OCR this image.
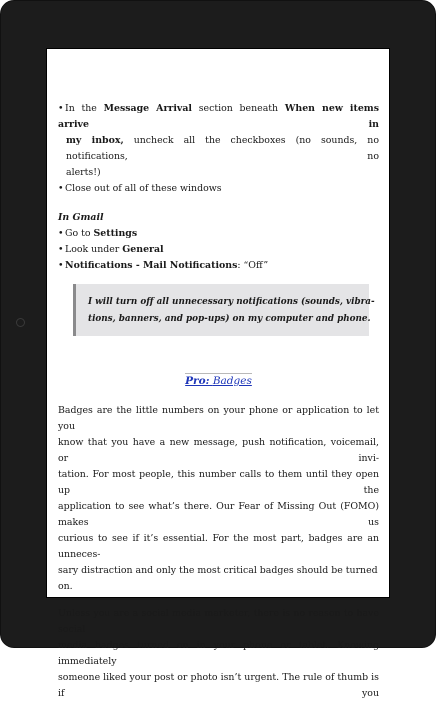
•In the Message Arrival section beneath When new items arrive in
my inbox, uncheck all the checkboxes (no sounds, no notifications, no
alerts!)
•Close out of all of these windows
In Gmail
•Go to Settings
•Look under General
•Notifications - Mail Notifications: “Off”
I will turn off all unnecessary notifications (sounds, vibra-
tions, banners, and pop-ups) on my computer and phone.
Pro: Badges
Badges are the little numbers on your phone or application to let you
know that you have a new message, push notification, voicemail, or invi-
tation. For most people, this number calls to them until they open up the
application to see what’s there. Our Fear of Missing Out (FOMO) makes us
curious to see if it’s essential. For the most part, badges are an unneces-
sary distraction and only the most critical badges should be turned on.
Unless you are a social media marketer, there is no reason to have social
media badges turned on in your phone or tablet. Knowing immediately
someone liked your post or photo isn’t urgent. The rule of thumb is if you
